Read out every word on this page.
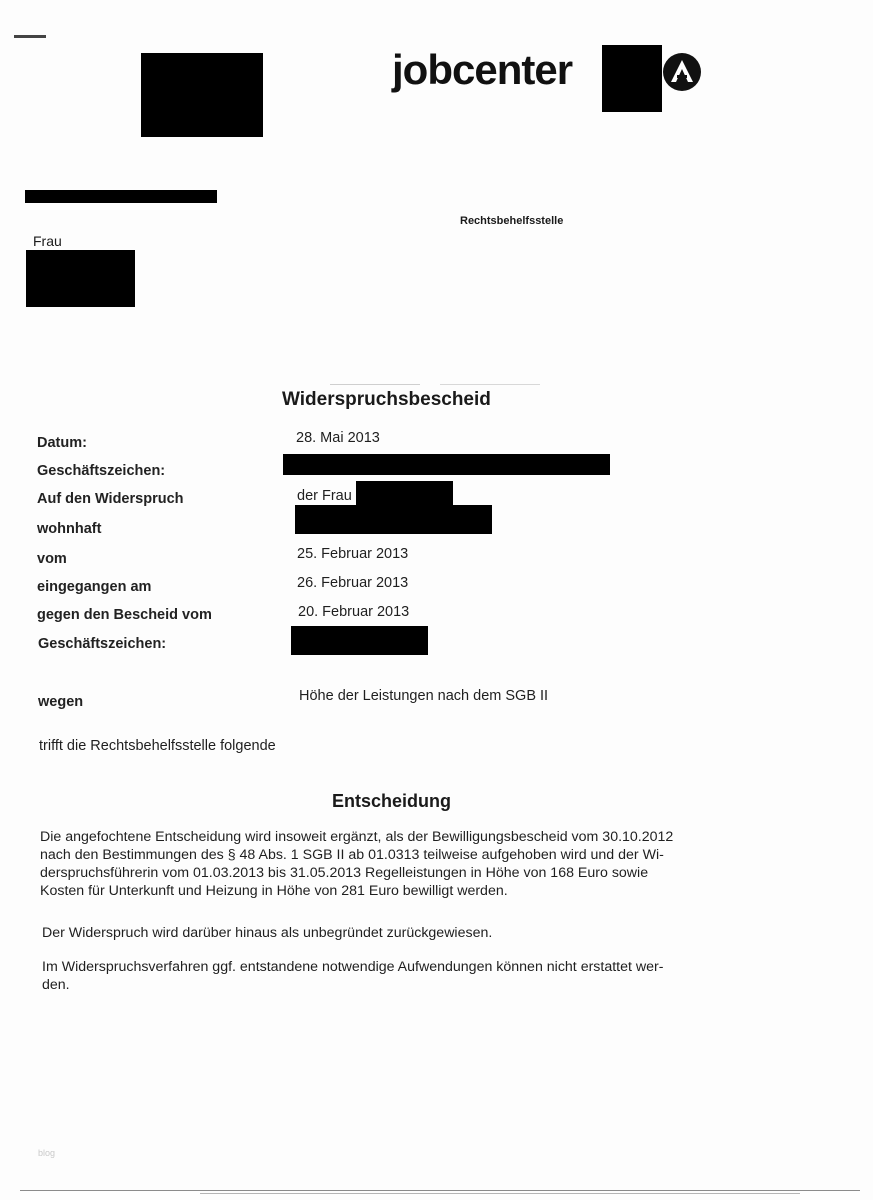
jobcenter
Rechtsbehelfsstelle
Frau
Widerspruchsbescheid
Datum:	28. Mai 2013
Geschäftszeichen:
Auf den Widerspruch	der Frau
wohnhaft
vom	25. Februar 2013
eingegangen am	26. Februar 2013
gegen den Bescheid vom	20. Februar 2013
Geschäftszeichen:
wegen	Höhe der Leistungen nach dem SGB II
trifft die Rechtsbehelfsstelle folgende
Entscheidung
Die angefochtene Entscheidung wird insoweit ergänzt, als der Bewilligungsbescheid vom 30.10.2012
nach den Bestimmungen des § 48 Abs. 1 SGB II ab 01.0313 teilweise aufgehoben wird und der Wi-
derspruchsführerin vom 01.03.2013 bis 31.05.2013 Regelleistungen in Höhe von 168 Euro sowie
Kosten für Unterkunft und Heizung in Höhe von 281 Euro bewilligt werden.
Der Widerspruch wird darüber hinaus als unbegründet zurückgewiesen.
Im Widerspruchsverfahren ggf. entstandene notwendige Aufwendungen können nicht erstattet wer-
den.
blog
